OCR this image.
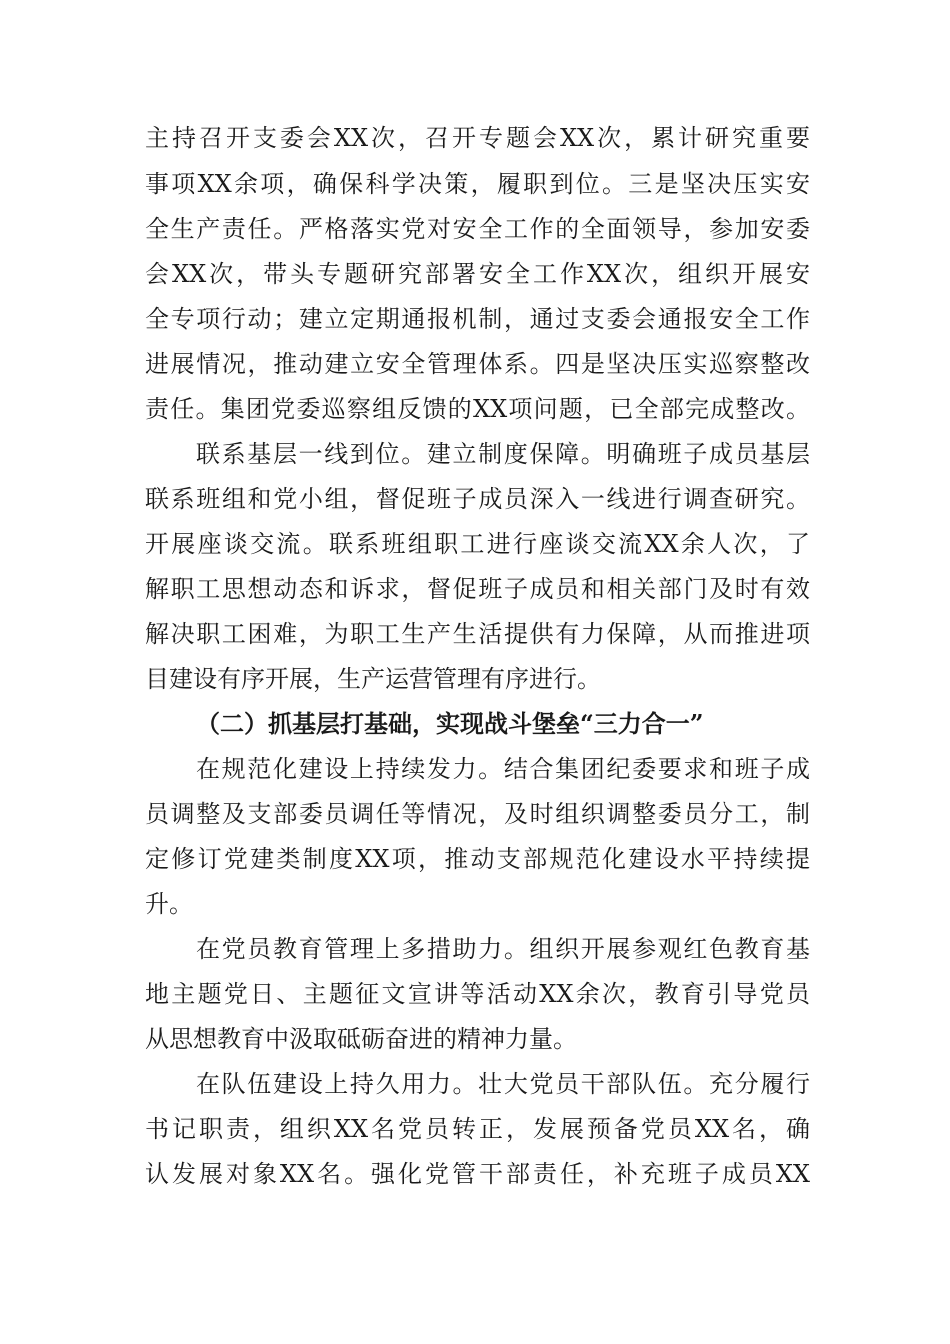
主持召开支委会XX次，召开专题会XX次，累计研究重要
事项XX余项，确保科学决策，履职到位。三是坚决压实安
全生产责任。严格落实党对安全工作的全面领导，参加安委
会XX次，带头专题研究部署安全工作XX次，组织开展安
全专项行动；建立定期通报机制，通过支委会通报安全工作
进展情况，推动建立安全管理体系。四是坚决压实巡察整改
责任。集团党委巡察组反馈的XX项问题，已全部完成整改。
联系基层一线到位。建立制度保障。明确班子成员基层
联系班组和党小组，督促班子成员深入一线进行调查研究。
开展座谈交流。联系班组职工进行座谈交流XX余人次，了
解职工思想动态和诉求，督促班子成员和相关部门及时有效
解决职工困难，为职工生产生活提供有力保障，从而推进项
目建设有序开展，生产运营管理有序进行。
（二）抓基层打基础，实现战斗堡垒“三力合一”
在规范化建设上持续发力。结合集团纪委要求和班子成
员调整及支部委员调任等情况，及时组织调整委员分工，制
定修订党建类制度XX项，推动支部规范化建设水平持续提
升。
在党员教育管理上多措助力。组织开展参观红色教育基
地主题党日、主题征文宣讲等活动XX余次，教育引导党员
从思想教育中汲取砥砺奋进的精神力量。
在队伍建设上持久用力。壮大党员干部队伍。充分履行
书记职责，组织XX名党员转正，发展预备党员XX名，确
认发展对象XX名。强化党管干部责任，补充班子成员XX
